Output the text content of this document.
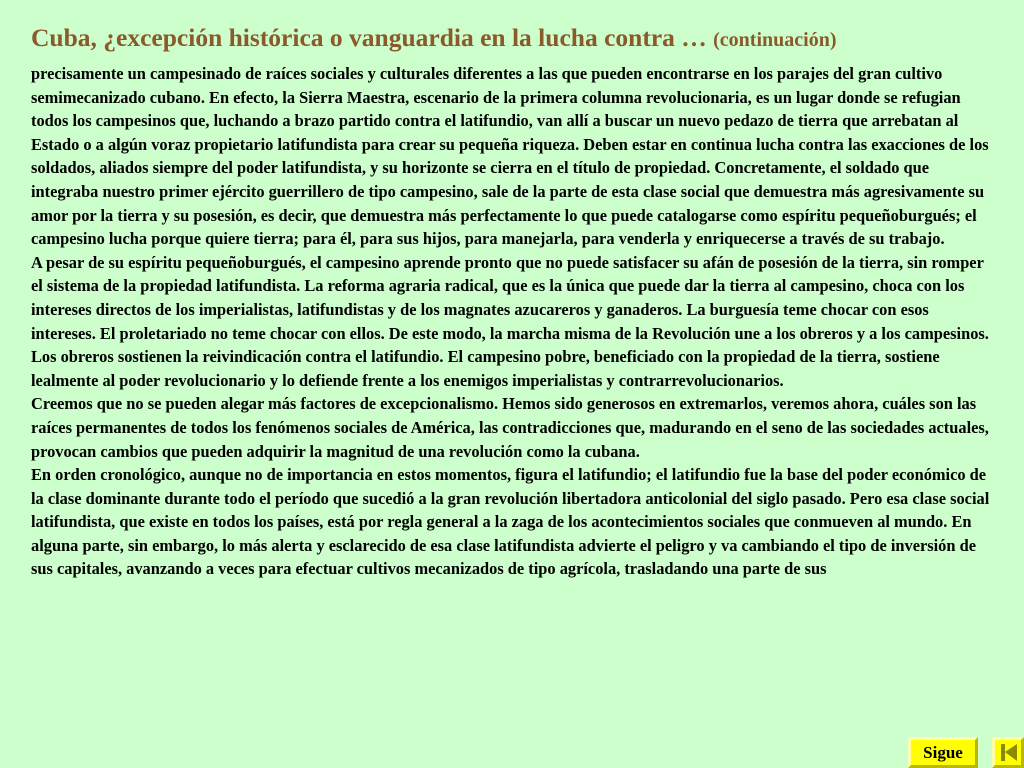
Cuba, ¿excepción histórica o vanguardia en la lucha contra … (continuación)

precisamente un campesinado de raíces sociales y culturales diferentes a las que pueden encontrarse en los parajes del gran cultivo semimecanizado cubano. En efecto, la Sierra Maestra, escenario de la primera columna revolucionaria, es un lugar donde se refugian todos los campesinos que, luchando a brazo partido contra el latifundio, van allí a buscar un nuevo pedazo de tierra que arrebatan al Estado o a algún voraz propietario latifundista para crear su pequeña riqueza. Deben estar en continua lucha contra las exacciones de los soldados, aliados siempre del poder latifundista, y su horizonte se cierra en el título de propiedad. Concretamente, el soldado que integraba nuestro primer ejército guerrillero de tipo campesino, sale de la parte de esta clase social que demuestra más agresivamente su amor por la tierra y su posesión, es decir, que demuestra más perfectamente lo que puede catalogarse como espíritu pequeñoburgués; el campesino lucha porque quiere tierra; para él, para sus hijos, para manejarla, para venderla y enriquecerse a través de su trabajo.

A pesar de su espíritu pequeñoburgués, el campesino aprende pronto que no puede satisfacer su afán de posesión de la tierra, sin romper el sistema de la propiedad latifundista. La reforma agraria radical, que es la única que puede dar la tierra al campesino, choca con los intereses directos de los imperialistas, latifundistas y de los magnates azucareros y ganaderos. La burguesía teme chocar con esos intereses. El proletariado no teme chocar con ellos. De este modo, la marcha misma de la Revolución une a los obreros y a los campesinos. Los obreros sostienen la reivindicación contra el latifundio. El campesino pobre, beneficiado con la propiedad de la tierra, sostiene lealmente al poder revolucionario y lo defiende frente a los enemigos imperialistas y contrarrevolucionarios.

Creemos que no se pueden alegar más factores de excepcionalismo. Hemos sido generosos en extremarlos, veremos ahora, cuáles son las raíces permanentes de todos los fenómenos sociales de América, las contradicciones que, madurando en el seno de las sociedades actuales, provocan cambios que pueden adquirir la magnitud de una revolución como la cubana.

En orden cronológico, aunque no de importancia en estos momentos, figura el latifundio; el latifundio fue la base del poder económico de la clase dominante durante todo el período que sucedió a la gran revolución libertadora anticolonial del siglo pasado. Pero esa clase social latifundista, que existe en todos los países, está por regla general a la zaga de los acontecimientos sociales que conmueven al mundo. En alguna parte, sin embargo, lo más alerta y esclarecido de esa clase latifundista advierte el peligro y va cambiando el tipo de inversión de sus capitales, avanzando a veces para efectuar cultivos mecanizados de tipo agrícola, trasladando una parte de sus

Sigue
